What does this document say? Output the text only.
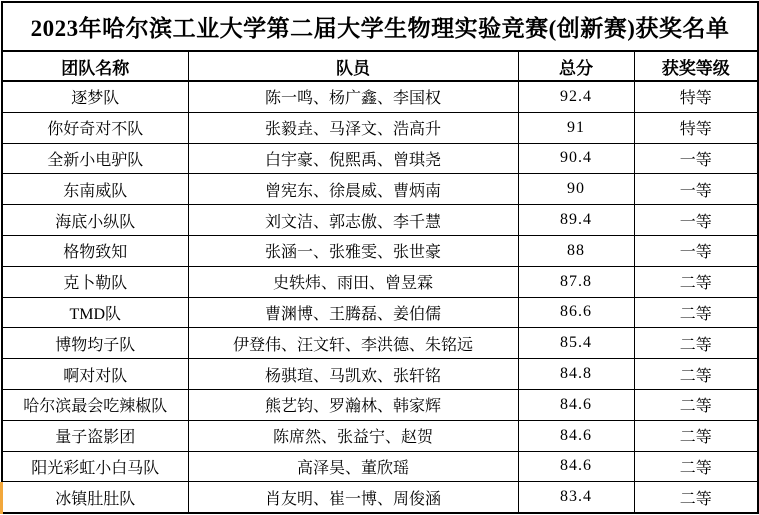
2023年哈尔滨工业大学第二届大学生物理实验竞赛(创新赛)获奖名单			
团队名称	队员	总分	获奖等级
逐梦队	陈一鸣、杨广鑫、李国权	92.4	特等
你好奇对不队	张毅垚、马泽文、浩高升	91	特等
全新小电驴队	白宇豪、倪熙禹、曾琪尧	90.4	一等
东南威队	曾宪东、徐晨威、曹炳南	90	一等
海底小纵队	刘文洁、郭志傲、李千慧	89.4	一等
格物致知	张涵一、张雅雯、张世豪	88	一等
克卜勒队	史轶炜、雨田、曾昱霖	87.8	二等
TMD队	曹渊博、王腾磊、姜伯儒	86.6	二等
博物均子队	伊登伟、汪文轩、李洪德、朱铭远	85.4	二等
啊对对队	杨骐瑄、马凯欢、张轩铭	84.8	二等
哈尔滨最会吃辣椒队	熊艺钧、罗瀚林、韩家辉	84.6	二等
量子盗影团	陈席然、张益宁、赵贺	84.6	二等
阳光彩虹小白马队	高泽昊、董欣瑶	84.6	二等
冰镇肚肚队	肖友明、崔一博、周俊涵	83.4	二等
